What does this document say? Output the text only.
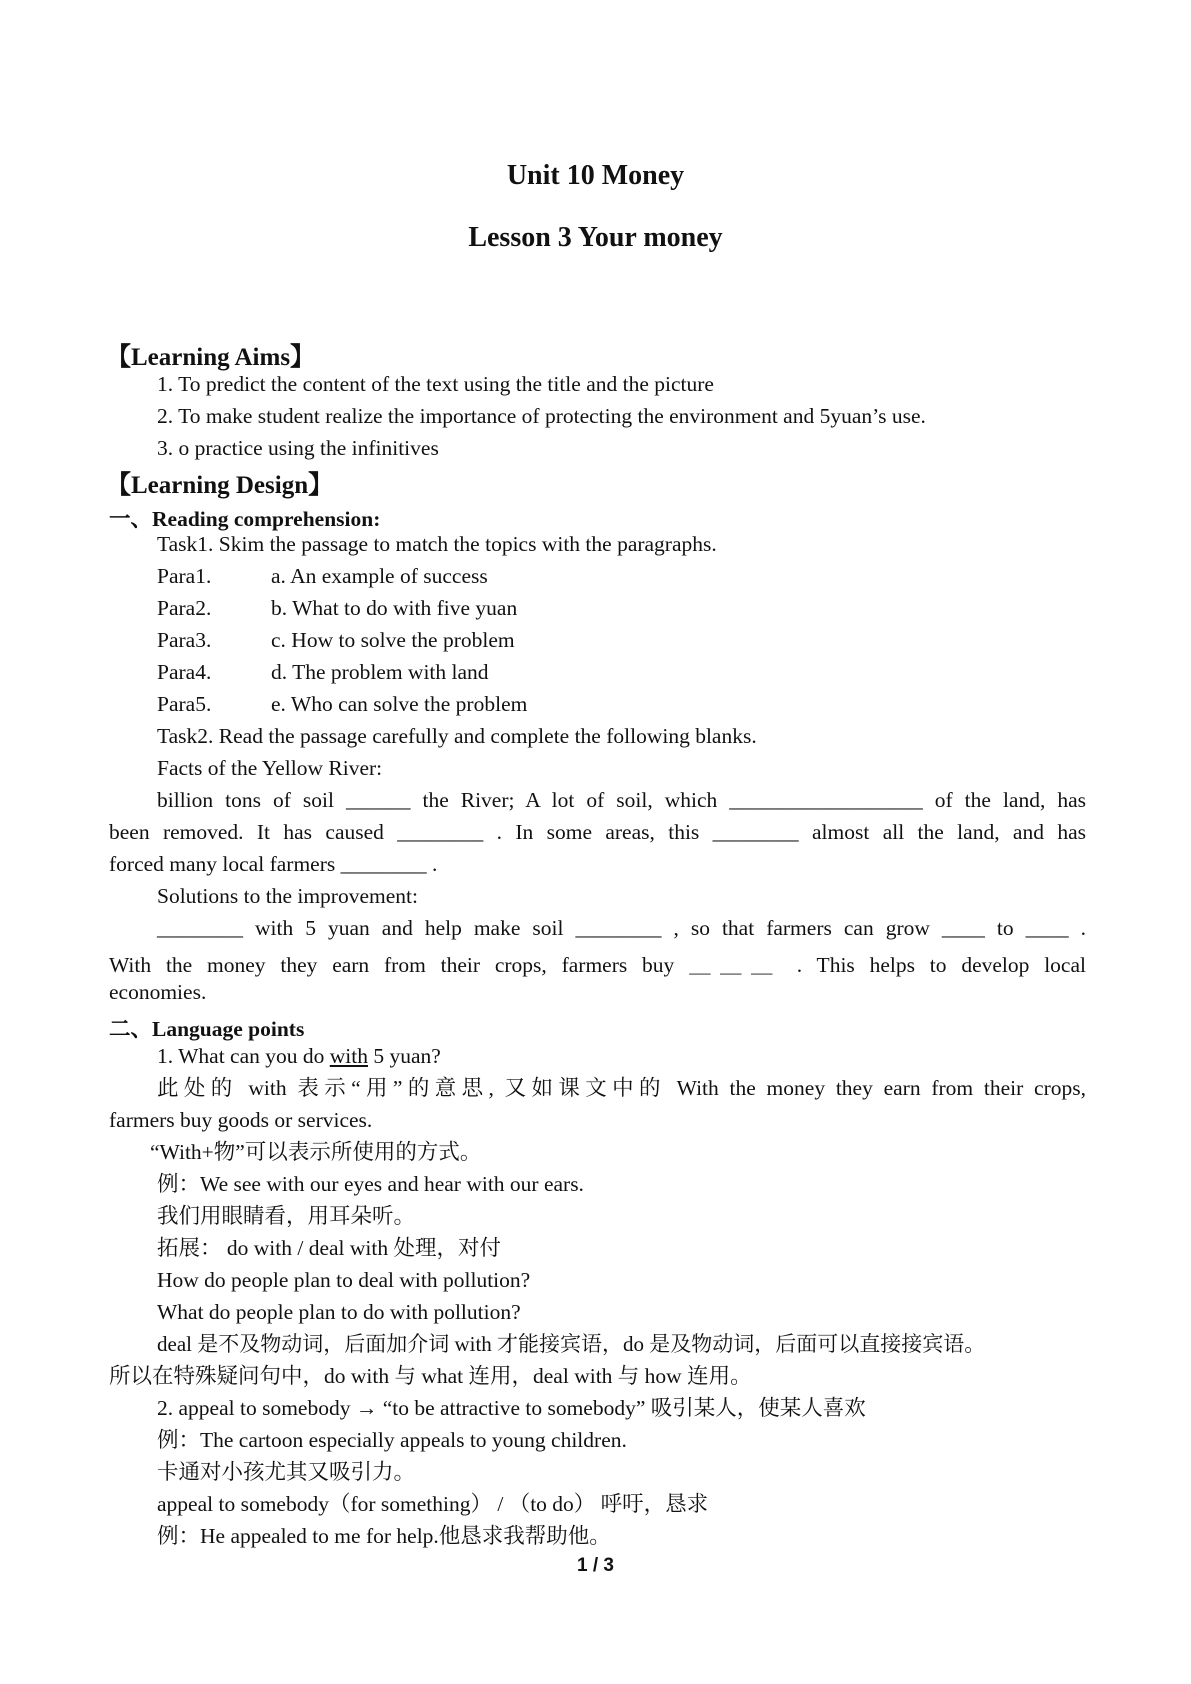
Unit 10 Money
Lesson 3 Your money
【Learning Aims】
1. To predict the content of the text using the title and the picture
2. To make student realize the importance of protecting the environment and 5yuan’s use.
3. o practice using the infinitives
【Learning Design】
一、Reading comprehension:
Task1. Skim the passage to match the topics with the paragraphs.
Para1.	a. An example of success
Para2.	b. What to do with five yuan
Para3.	c. How to solve the problem
Para4.	d. The problem with land
Para5.	e. Who can solve the problem
Task2. Read the passage carefully and complete the following blanks.
Facts of the Yellow River:
billion tons of soil ______ the River; A lot of soil, which __________________ of the land, has
been removed. It has caused ________ . In some areas, this ________ almost all the land, and has
forced many local farmers ________ .
Solutions to the improvement:
________ with 5 yuan and help make soil ________ , so that farmers can grow ____ to ____ .
With the money they earn from their crops, farmers buy ＿＿＿ . This helps to develop local
economies.
二、Language points
1. What can you do with 5 yuan?
此处的 with 表示“用”的意思, 又如课文中的 With the money they earn from their crops,
farmers buy goods or services.
“With+物”可以表示所使用的方式。
例：We see with our eyes and hear with our ears.
我们用眼睛看，用耳朵听。
拓展： do with / deal with 处理，对付
How do people plan to deal with pollution?
What do people plan to do with pollution?
deal 是不及物动词，后面加介词 with 才能接宾语，do 是及物动词，后面可以直接接宾语。
所以在特殊疑问句中，do with 与 what 连用，deal with 与 how 连用。
2. appeal to somebody → “to be attractive to somebody” 吸引某人，使某人喜欢
例：The cartoon especially appeals to young children.
卡通对小孩尤其又吸引力。
appeal to somebody（for something） / （to do） 呼吁，恳求
例：He appealed to me for help.他恳求我帮助他。
1 / 3
